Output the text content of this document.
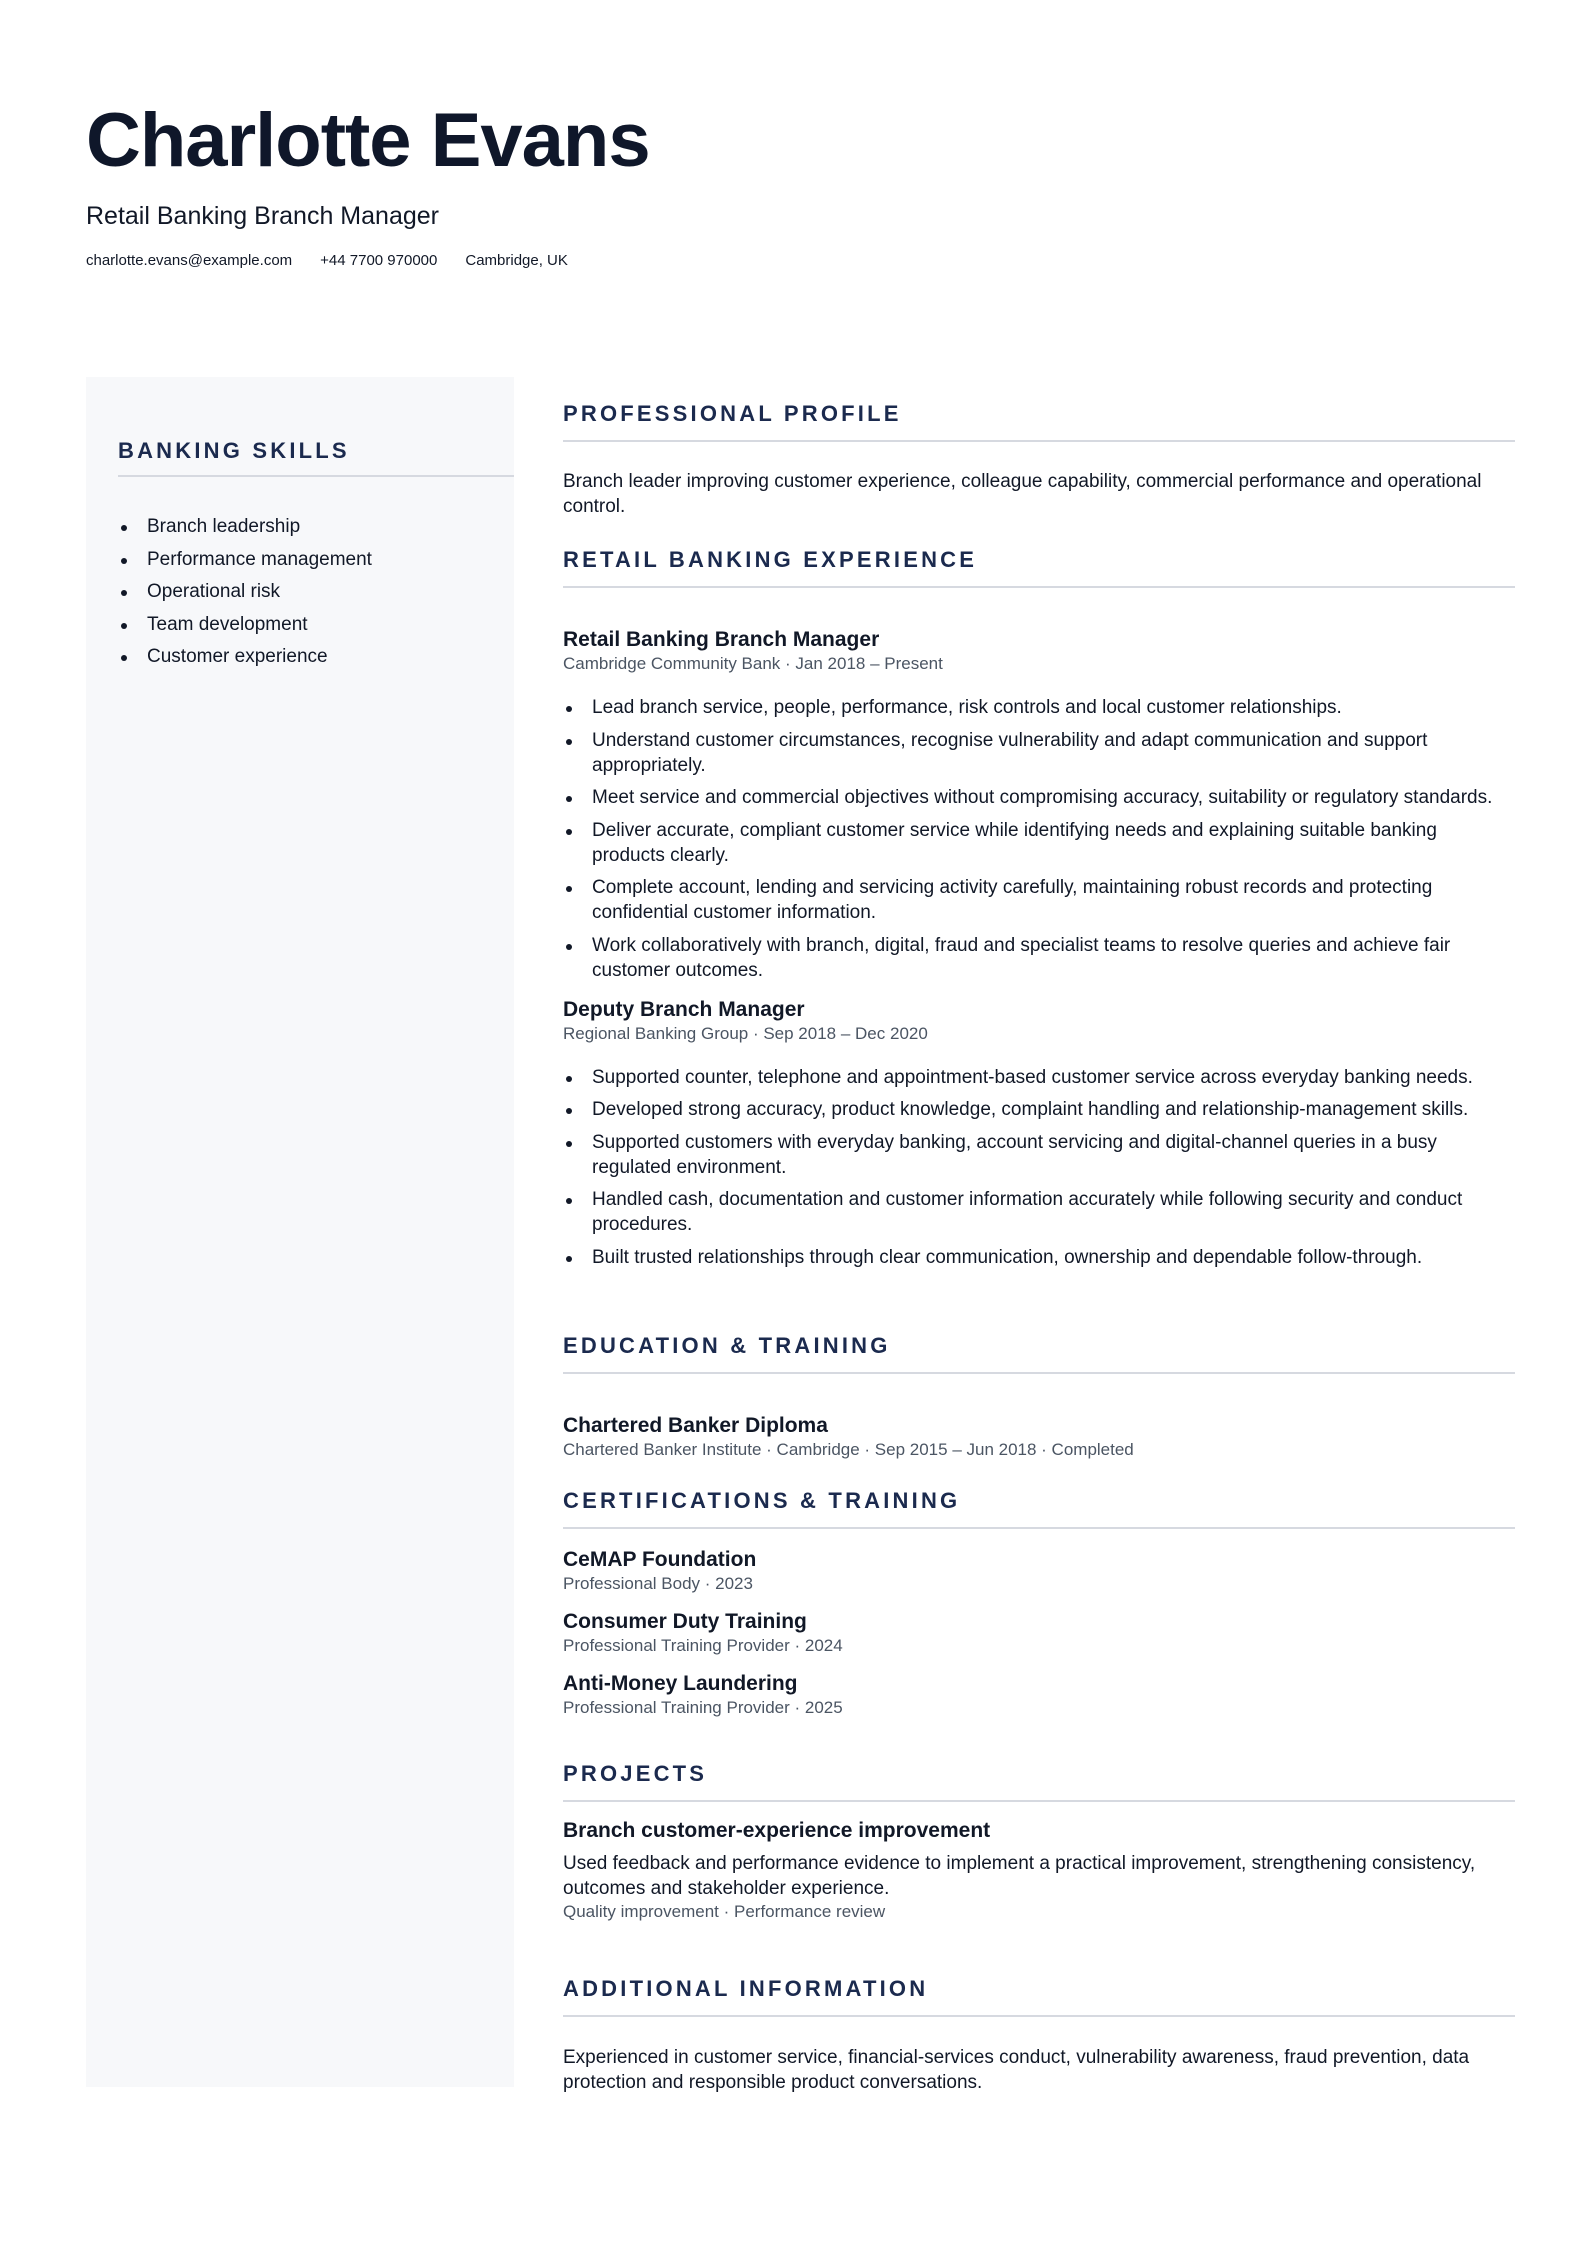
Charlotte Evans
Retail Banking Branch Manager
charlotte.evans@example.com +44 7700 970000 Cambridge, UK
BANKING SKILLS
Branch leadership
Performance management
Operational risk
Team development
Customer experience
PROFESSIONAL PROFILE
Branch leader improving customer experience, colleague capability, commercial performance and operational control.
RETAIL BANKING EXPERIENCE
Retail Banking Branch Manager
Cambridge Community Bank · Jan 2018 – Present
Lead branch service, people, performance, risk controls and local customer relationships.
Understand customer circumstances, recognise vulnerability and adapt communication and support appropriately.
Meet service and commercial objectives without compromising accuracy, suitability or regulatory standards.
Deliver accurate, compliant customer service while identifying needs and explaining suitable banking products clearly.
Complete account, lending and servicing activity carefully, maintaining robust records and protecting confidential customer information.
Work collaboratively with branch, digital, fraud and specialist teams to resolve queries and achieve fair customer outcomes.
Deputy Branch Manager
Regional Banking Group · Sep 2018 – Dec 2020
Supported counter, telephone and appointment-based customer service across everyday banking needs.
Developed strong accuracy, product knowledge, complaint handling and relationship-management skills.
Supported customers with everyday banking, account servicing and digital-channel queries in a busy regulated environment.
Handled cash, documentation and customer information accurately while following security and conduct procedures.
Built trusted relationships through clear communication, ownership and dependable follow-through.
EDUCATION & TRAINING
Chartered Banker Diploma
Chartered Banker Institute · Cambridge · Sep 2015 – Jun 2018 · Completed
CERTIFICATIONS & TRAINING
CeMAP Foundation
Professional Body · 2023
Consumer Duty Training
Professional Training Provider · 2024
Anti-Money Laundering
Professional Training Provider · 2025
PROJECTS
Branch customer-experience improvement
Used feedback and performance evidence to implement a practical improvement, strengthening consistency, outcomes and stakeholder experience.
Quality improvement · Performance review
ADDITIONAL INFORMATION
Experienced in customer service, financial-services conduct, vulnerability awareness, fraud prevention, data protection and responsible product conversations.
